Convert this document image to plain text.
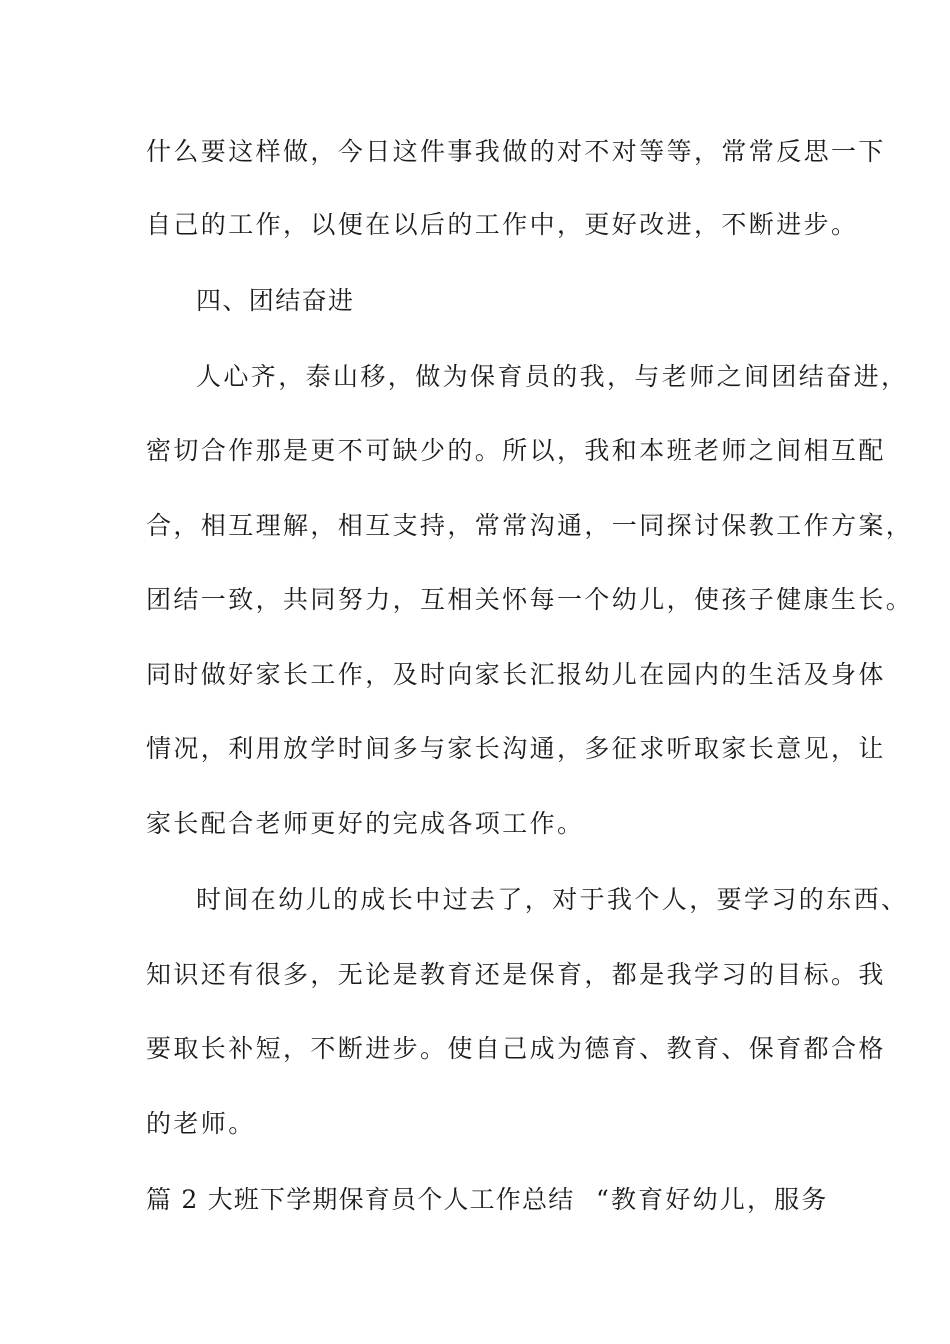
什么要这样做，今日这件事我做的对不对等等，常常反思一下
自己的工作，以便在以后的工作中，更好改进，不断进步。
四、团结奋进
人心齐，泰山移，做为保育员的我，与老师之间团结奋进，
密切合作那是更不可缺少的。所以，我和本班老师之间相互配
合，相互理解，相互支持，常常沟通，一同探讨保教工作方案，
团结一致，共同努力，互相关怀每一个幼儿，使孩子健康生长。
同时做好家长工作，及时向家长汇报幼儿在园内的生活及身体
情况，利用放学时间多与家长沟通，多征求听取家长意见，让
家长配合老师更好的完成各项工作。
时间在幼儿的成长中过去了，对于我个人，要学习的东西、
知识还有很多，无论是教育还是保育，都是我学习的目标。我
要取长补短，不断进步。使自己成为德育、教育、保育都合格
的老师。
篇 2 大班下学期保育员个人工作总结 “教育好幼儿，服务
